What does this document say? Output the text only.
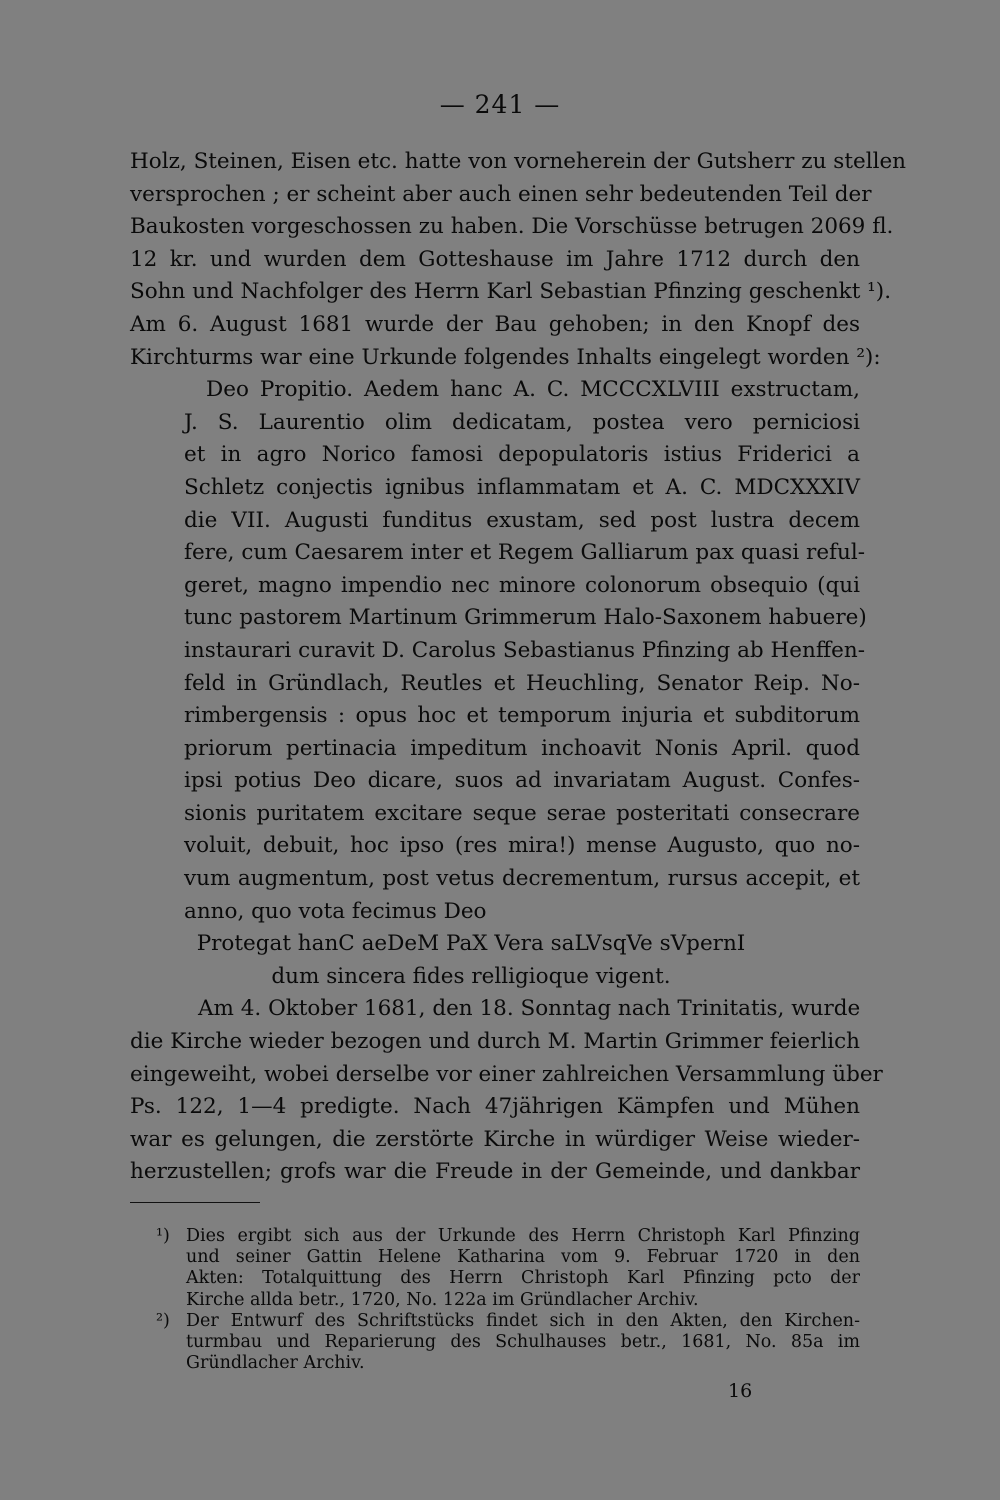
— 241 —
Holz, Steinen, Eisen etc. hatte von vorneherein der Gutsherr zu stellen
versprochen ; er scheint aber auch einen sehr bedeutenden Teil der
Baukosten vorgeschossen zu haben. Die Vorschüsse betrugen 2069 fl.
12 kr. und wurden dem Gotteshause im Jahre 1712 durch den
Sohn und Nachfolger des Herrn Karl Sebastian Pfinzing geschenkt ¹).
Am 6. August 1681 wurde der Bau gehoben; in den Knopf des
Kirchturms war eine Urkunde folgendes Inhalts eingelegt worden ²):
Deo Propitio. Aedem hanc A. C. MCCCXLVIII exstructam,
J. S. Laurentio olim dedicatam, postea vero perniciosi
et in agro Norico famosi depopulatoris istius Friderici a
Schletz conjectis ignibus inflammatam et A. C. MDCXXXIV
die VII. Augusti funditus exustam, sed post lustra decem
fere, cum Caesarem inter et Regem Galliarum pax quasi reful-
geret, magno impendio nec minore colonorum obsequio (qui
tunc pastorem Martinum Grimmerum Halo-Saxonem habuere)
instaurari curavit D. Carolus Sebastianus Pfinzing ab Henffen-
feld in Gründlach, Reutles et Heuchling, Senator Reip. No-
rimbergensis : opus hoc et temporum injuria et subditorum
priorum pertinacia impeditum inchoavit Nonis April. quod
ipsi potius Deo dicare, suos ad invariatam August. Confes-
sionis puritatem excitare seque serae posteritati consecrare
voluit, debuit, hoc ipso (res mira!) mense Augusto, quo no-
vum augmentum, post vetus decrementum, rursus accepit, et
anno, quo vota fecimus Deo
Protegat hanC aeDeM PaX Vera saLVsqVe sVpernI
dum sincera fides relligioque vigent.
Am 4. Oktober 1681, den 18. Sonntag nach Trinitatis, wurde
die Kirche wieder bezogen und durch M. Martin Grimmer feierlich
eingeweiht, wobei derselbe vor einer zahlreichen Versammlung über
Ps. 122, 1—4 predigte. Nach 47jährigen Kämpfen und Mühen
war es gelungen, die zerstörte Kirche in würdiger Weise wieder-
herzustellen; grofs war die Freude in der Gemeinde, und dankbar
¹) Dies ergibt sich aus der Urkunde des Herrn Christoph Karl Pfinzing
und seiner Gattin Helene Katharina vom 9. Februar 1720 in den
Akten: Totalquittung des Herrn Christoph Karl Pfinzing pcto der
Kirche allda betr., 1720, No. 122a im Gründlacher Archiv.
²) Der Entwurf des Schriftstücks findet sich in den Akten, den Kirchen-
turmbau und Reparierung des Schulhauses betr., 1681, No. 85a im
Gründlacher Archiv.
16
